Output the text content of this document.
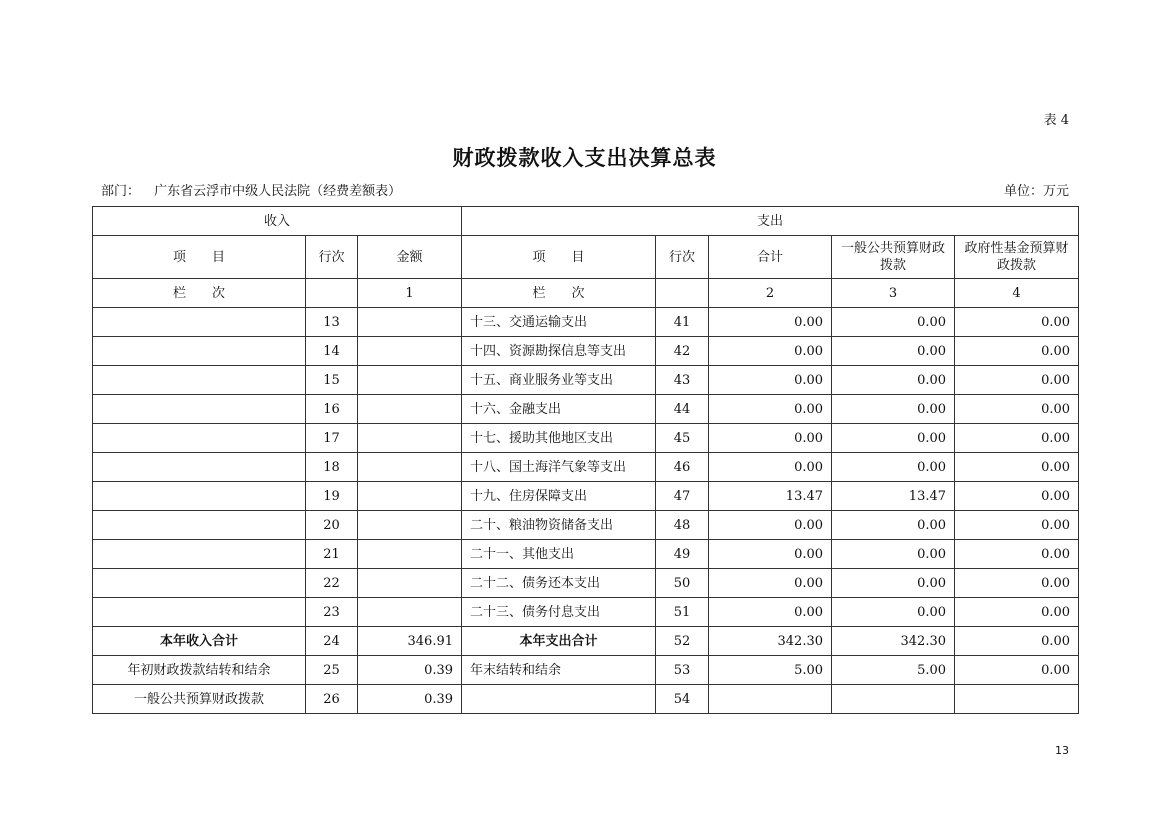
表 4
财政拨款收入支出决算总表
部门： 广东省云浮市中级人民法院（经费差额表）	单位：万元
收入			支出				
项　　目	行次	金额	项　　目	行次	合计	一般公共预算财政拨款	政府性基金预算财政拨款
栏　　次		1	栏　　次		2	3	4
	13		十三、交通运输支出	41	0.00	0.00	0.00
	14		十四、资源勘探信息等支出	42	0.00	0.00	0.00
	15		十五、商业服务业等支出	43	0.00	0.00	0.00
	16		十六、金融支出	44	0.00	0.00	0.00
	17		十七、援助其他地区支出	45	0.00	0.00	0.00
	18		十八、国土海洋气象等支出	46	0.00	0.00	0.00
	19		十九、住房保障支出	47	13.47	13.47	0.00
	20		二十、粮油物资储备支出	48	0.00	0.00	0.00
	21		二十一、其他支出	49	0.00	0.00	0.00
	22		二十二、债务还本支出	50	0.00	0.00	0.00
	23		二十三、债务付息支出	51	0.00	0.00	0.00
本年收入合计	24	346.91	本年支出合计	52	342.30	342.30	0.00
年初财政拨款结转和结余	25	0.39	年末结转和结余	53	5.00	5.00	0.00
一般公共预算财政拨款	26	0.39		54			
13
